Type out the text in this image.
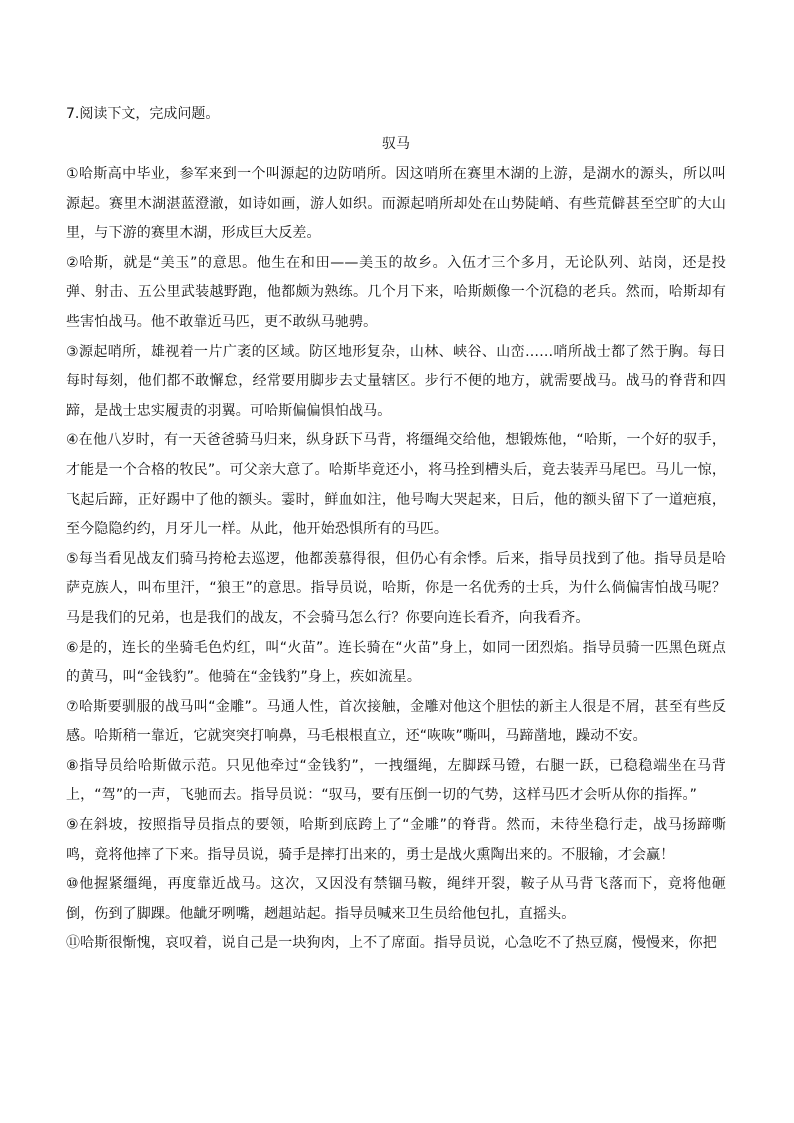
7.阅读下文，完成问题。
驭马

①哈斯高中毕业，参军来到一个叫源起的边防哨所。因这哨所在赛里木湖的上游，是湖水的源头，所以叫源起。赛里木湖湛蓝澄澈，如诗如画，游人如织。而源起哨所却处在山势陡峭、有些荒僻甚至空旷的大山里，与下游的赛里木湖，形成巨大反差。

②哈斯，就是“美玉”的意思。他生在和田——美玉的故乡。入伍才三个多月，无论队列、站岗，还是投弹、射击、五公里武装越野跑，他都颇为熟练。几个月下来，哈斯颇像一个沉稳的老兵。然而，哈斯却有些害怕战马。他不敢靠近马匹，更不敢纵马驰骋。

③源起哨所，雄视着一片广袤的区域。防区地形复杂，山林、峡谷、山峦……哨所战士都了然于胸。每日每时每刻，他们都不敢懈怠，经常要用脚步去丈量辖区。步行不便的地方，就需要战马。战马的脊背和四蹄，是战士忠实履责的羽翼。可哈斯偏偏惧怕战马。

④在他八岁时，有一天爸爸骑马归来，纵身跃下马背，将缰绳交给他，想锻炼他，“哈斯，一个好的驭手，才能是一个合格的牧民”。可父亲大意了。哈斯毕竟还小，将马拴到槽头后，竟去装弄马尾巴。马儿一惊，飞起后蹄，正好踢中了他的额头。霎时，鲜血如注，他号啕大哭起来，日后，他的额头留下了一道疤痕，至今隐隐约约，月牙儿一样。从此，他开始恐惧所有的马匹。

⑤每当看见战友们骑马挎枪去巡逻，他都羡慕得很，但仍心有余悸。后来，指导员找到了他。指导员是哈萨克族人，叫布里汗，“狼王”的意思。指导员说，哈斯，你是一名优秀的士兵，为什么倘偏害怕战马呢？马是我们的兄弟，也是我们的战友，不会骑马怎么行？你要向连长看齐，向我看齐。

⑥是的，连长的坐骑毛色灼红，叫“火苗”。连长骑在“火苗”身上，如同一团烈焰。指导员骑一匹黑色斑点的黄马，叫“金钱豹”。他骑在“金钱豹”身上，疾如流星。

⑦哈斯要驯服的战马叫“金雕”。马通人性，首次接触，金雕对他这个胆怯的新主人很是不屑，甚至有些反感。哈斯稍一靠近，它就突突打响鼻，马毛根根直立，还“咴咴”嘶叫，马蹄凿地，躁动不安。

⑧指导员给哈斯做示范。只见他牵过“金钱豹”，一拽缰绳，左脚踩马镫，右腿一跃，已稳稳端坐在马背上，“驾”的一声，飞驰而去。指导员说：“驭马，要有压倒一切的气势，这样马匹才会听从你的指挥。”

⑨在斜坡，按照指导员指点的要领，哈斯到底跨上了“金雕”的脊背。然而，未待坐稳行走，战马扬蹄嘶鸣，竟将他摔了下来。指导员说，骑手是摔打出来的，勇士是战火熏陶出来的。不服输，才会赢！

⑩他握紧缰绳，再度靠近战马。这次，又因没有禁锢马鞍，绳绊开裂，鞍子从马背飞落而下，竟将他砸倒，伤到了脚踝。他龇牙咧嘴，趔趄站起。指导员喊来卫生员给他包扎，直摇头。

⑪哈斯很惭愧，哀叹着，说自己是一块狗肉，上不了席面。指导员说，心急吃不了热豆腐，慢慢来，你把
